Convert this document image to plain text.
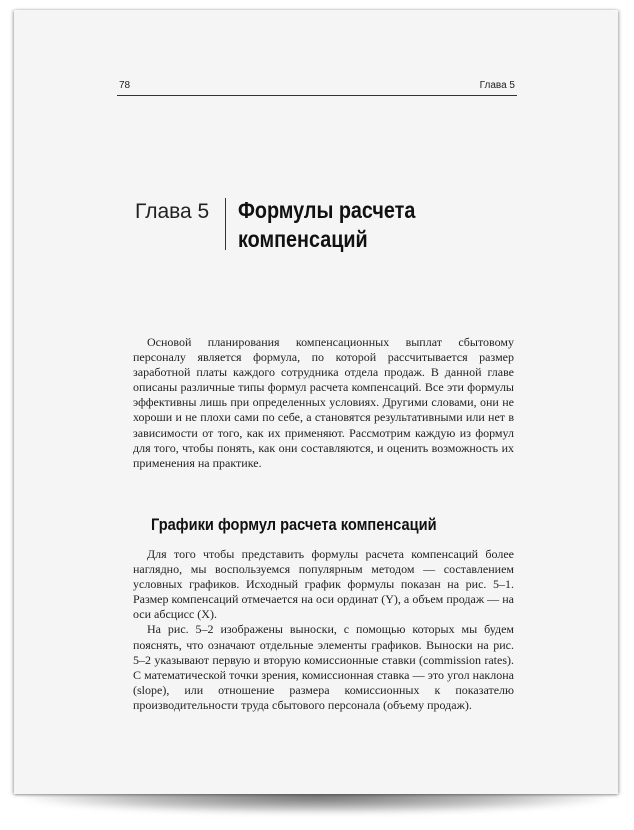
78	Глава 5
Глава 5 Формулы расчета
компенсаций

Основой планирования компенсационных выплат сбытовому персоналу является формула, по которой рассчитывается размер заработной платы каждого сотрудника отдела продаж. В данной главе описаны различные типы формул расчета компенсаций. Все эти формулы эффективны лишь при определенных условиях. Другими словами, они не хороши и не плохи сами по себе, а становятся результативными или нет в зависимости от того, как их применяют. Рассмотрим каждую из формул для того, чтобы понять, как они составляются, и оценить возможность их применения на практике.

Графики формул расчета компенсаций

Для того чтобы представить формулы расчета компенсаций более наглядно, мы воспользуемся популярным методом — составлением условных графиков. Исходный график формулы показан на рис. 5–1. Размер компенсаций отмечается на оси ординат (Y), а объем продаж — на оси абсцисс (X).

На рис. 5–2 изображены выноски, с помощью которых мы будем пояснять, что означают отдельные элементы графиков. Выноски на рис. 5–2 указывают первую и вторую комиссионные ставки (commission rates). С математической точки зрения, комиссионная ставка — это угол наклона (slope), или отношение размера комиссионных к показателю производительности труда сбытового персонала (объему продаж).
